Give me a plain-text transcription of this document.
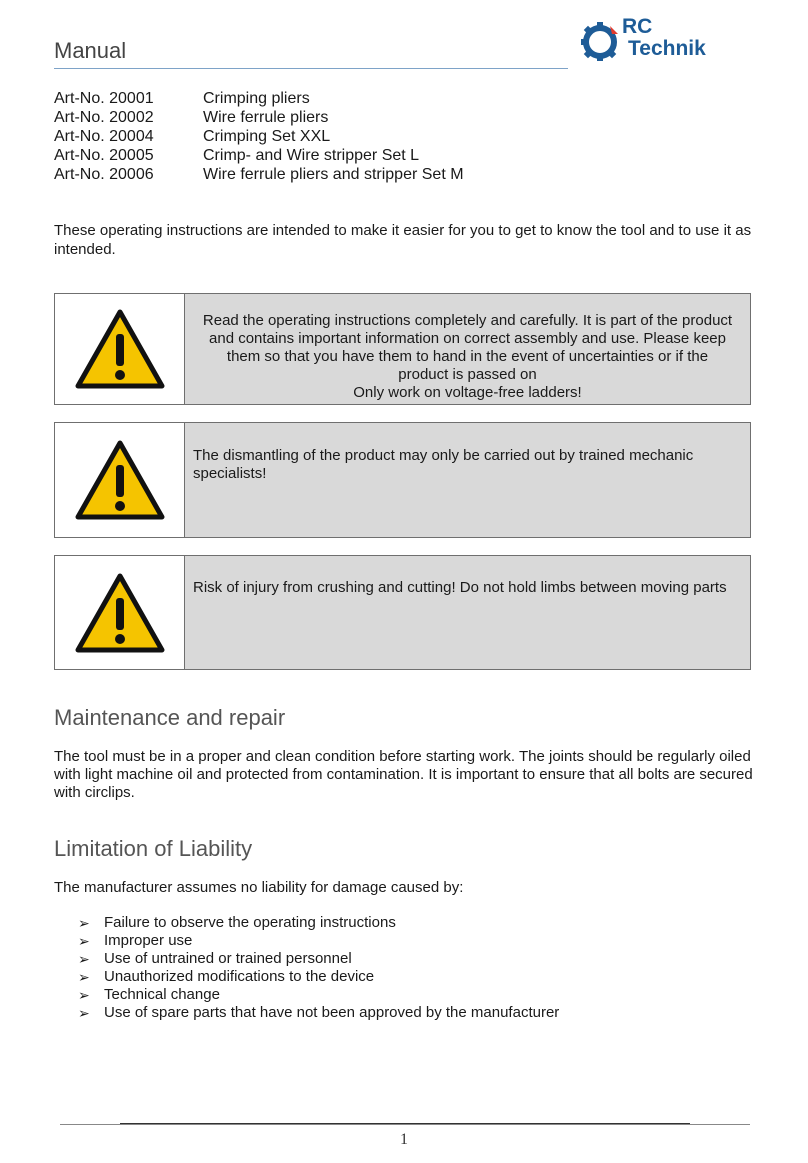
Manual
RC
Technik
Art-No. 20001	Crimping pliers
Art-No. 20002	Wire ferrule pliers
Art-No. 20004	Crimping Set XXL
Art-No. 20005	Crimp- and Wire stripper Set L
Art-No. 20006	Wire ferrule pliers and stripper Set M
These operating instructions are intended to make it easier for you to get to know the tool and to use it as intended.
Read the operating instructions completely and carefully. It is part of the product
and contains important information on correct assembly and use. Please keep
them so that you have them to hand in the event of uncertainties or if the
product is passed on
Only work on voltage-free ladders!
The dismantling of the product may only be carried out by trained mechanic specialists!
Risk of injury from crushing and cutting! Do not hold limbs between moving parts
Maintenance and repair
The tool must be in a proper and clean condition before starting work. The joints should be regularly oiled with light machine oil and protected from contamination. It is important to ensure that all bolts are secured with circlips.
Limitation of Liability
The manufacturer assumes no liability for damage caused by:
➢ Failure to observe the operating instructions
➢ Improper use
➢ Use of untrained or trained personnel
➢ Unauthorized modifications to the device
➢ Technical change
➢ Use of spare parts that have not been approved by the manufacturer
1
